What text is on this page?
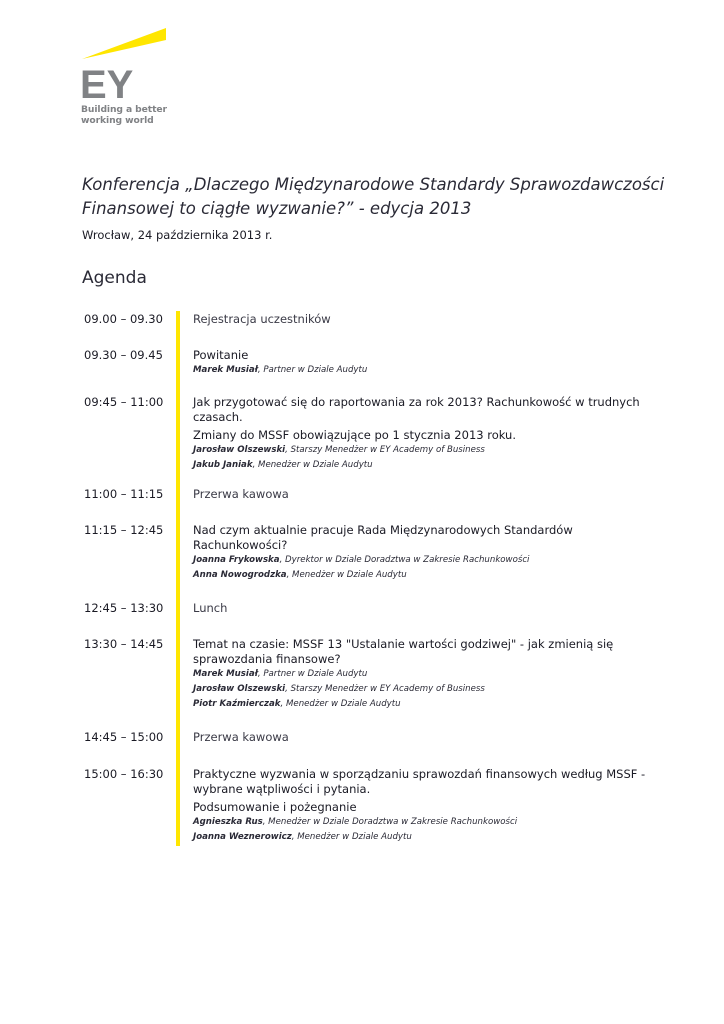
EY
Building a better
working world
Konferencja „Dlaczego Międzynarodowe Standardy Sprawozdawczości
Finansowej to ciągłe wyzwanie?” - edycja 2013
Wrocław, 24 października 2013 r.
Agenda
09.00 – 09.30	Rejestracja uczestników

09.30 – 09.45	Powitanie

Marek Musiał, Partner w Dziale Audytu

09:45 – 11:00	Jak przygotować się do raportowania za rok 2013? Rachunkowość w trudnych czasach.

Zmiany do MSSF obowiązujące po 1 stycznia 2013 roku.

Jarosław Olszewski, Starszy Menedżer w EY Academy of Business

Jakub Janiak, Menedżer w Dziale Audytu

11:00 – 11:15	Przerwa kawowa

11:15 – 12:45	Nad czym aktualnie pracuje Rada Międzynarodowych Standardów Rachunkowości?

Joanna Frykowska, Dyrektor w Dziale Doradztwa w Zakresie Rachunkowości

Anna Nowogrodzka, Menedżer w Dziale Audytu

12:45 – 13:30	Lunch

13:30 – 14:45	Temat na czasie: MSSF 13 "Ustalanie wartości godziwej" - jak zmienią się sprawozdania finansowe?

Marek Musiał, Partner w Dziale Audytu

Jarosław Olszewski, Starszy Menedżer w EY Academy of Business

Piotr Kaźmierczak, Menedżer w Dziale Audytu

14:45 – 15:00	Przerwa kawowa

15:00 – 16:30	Praktyczne wyzwania w sporządzaniu sprawozdań finansowych według MSSF - wybrane wątpliwości i pytania.

Podsumowanie i pożegnanie

Agnieszka Rus, Menedżer w Dziale Doradztwa w Zakresie Rachunkowości

Joanna Weznerowicz, Menedżer w Dziale Audytu
